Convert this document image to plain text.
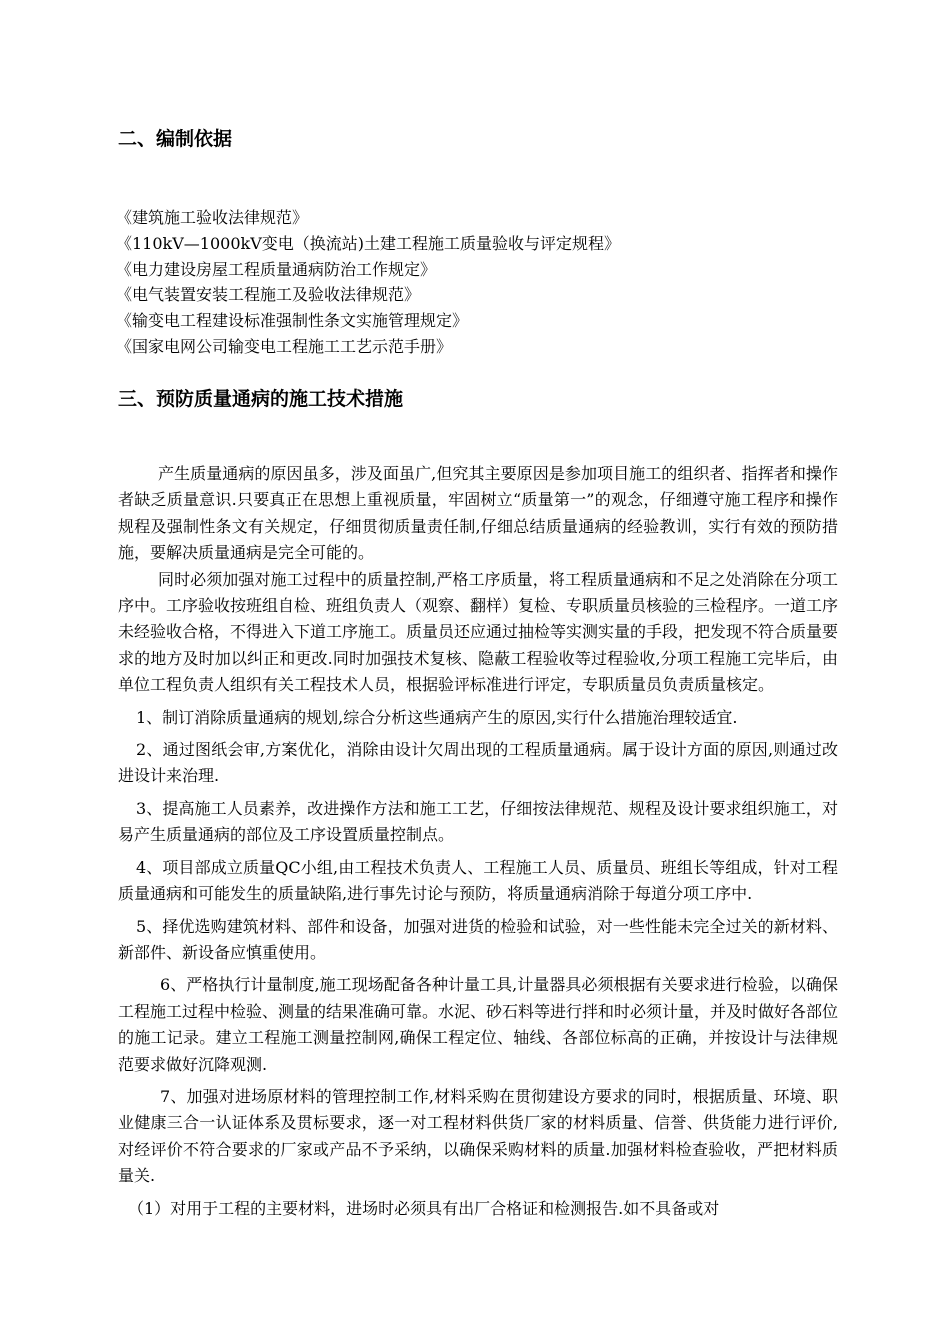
二、编制依据
《建筑施工验收法律规范》
《110kV—1000kV变电（换流站)土建工程施工质量验收与评定规程》
《电力建设房屋工程质量通病防治工作规定》
《电气装置安装工程施工及验收法律规范》
《输变电工程建设标准强制性条文实施管理规定》
《国家电网公司输变电工程施工工艺示范手册》
三、预防质量通病的施工技术措施

产生质量通病的原因虽多，涉及面虽广,但究其主要原因是参加项目施工的组织者、指挥者和操作者缺乏质量意识.只要真正在思想上重视质量，牢固树立“质量第一”的观念，仔细遵守施工程序和操作规程及强制性条文有关规定，仔细贯彻质量责任制,仔细总结质量通病的经验教训，实行有效的预防措施，要解决质量通病是完全可能的。

同时必须加强对施工过程中的质量控制,严格工序质量，将工程质量通病和不足之处消除在分项工序中。工序验收按班组自检、班组负责人（观察、翻样）复检、专职质量员核验的三检程序。一道工序未经验收合格，不得进入下道工序施工。质量员还应通过抽检等实测实量的手段，把发现不符合质量要求的地方及时加以纠正和更改.同时加强技术复核、隐蔽工程验收等过程验收,分项工程施工完毕后，由单位工程负责人组织有关工程技术人员，根据验评标准进行评定，专职质量员负责质量核定。

1、制订消除质量通病的规划,综合分析这些通病产生的原因,实行什么措施治理较适宜.

2、通过图纸会审,方案优化，消除由设计欠周出现的工程质量通病。属于设计方面的原因,则通过改进设计来治理.

3、提高施工人员素养，改进操作方法和施工工艺，仔细按法律规范、规程及设计要求组织施工，对易产生质量通病的部位及工序设置质量控制点。

4、项目部成立质量QC小组,由工程技术负责人、工程施工人员、质量员、班组长等组成，针对工程质量通病和可能发生的质量缺陷,进行事先讨论与预防，将质量通病消除于每道分项工序中.

5、择优选购建筑材料、部件和设备，加强对进货的检验和试验，对一些性能未完全过关的新材料、新部件、新设备应慎重使用。

6、严格执行计量制度,施工现场配备各种计量工具,计量器具必须根据有关要求进行检验，以确保工程施工过程中检验、测量的结果准确可靠。水泥、砂石料等进行拌和时必须计量，并及时做好各部位的施工记录。建立工程施工测量控制网,确保工程定位、轴线、各部位标高的正确，并按设计与法律规范要求做好沉降观测.

7、加强对进场原材料的管理控制工作,材料采购在贯彻建设方要求的同时，根据质量、环境、职业健康三合一认证体系及贯标要求，逐一对工程材料供货厂家的材料质量、信誉、供货能力进行评价,对经评价不符合要求的厂家或产品不予采纳，以确保采购材料的质量.加强材料检查验收，严把材料质量关.

（1）对用于工程的主要材料，进场时必须具有出厂合格证和检测报告.如不具备或对
